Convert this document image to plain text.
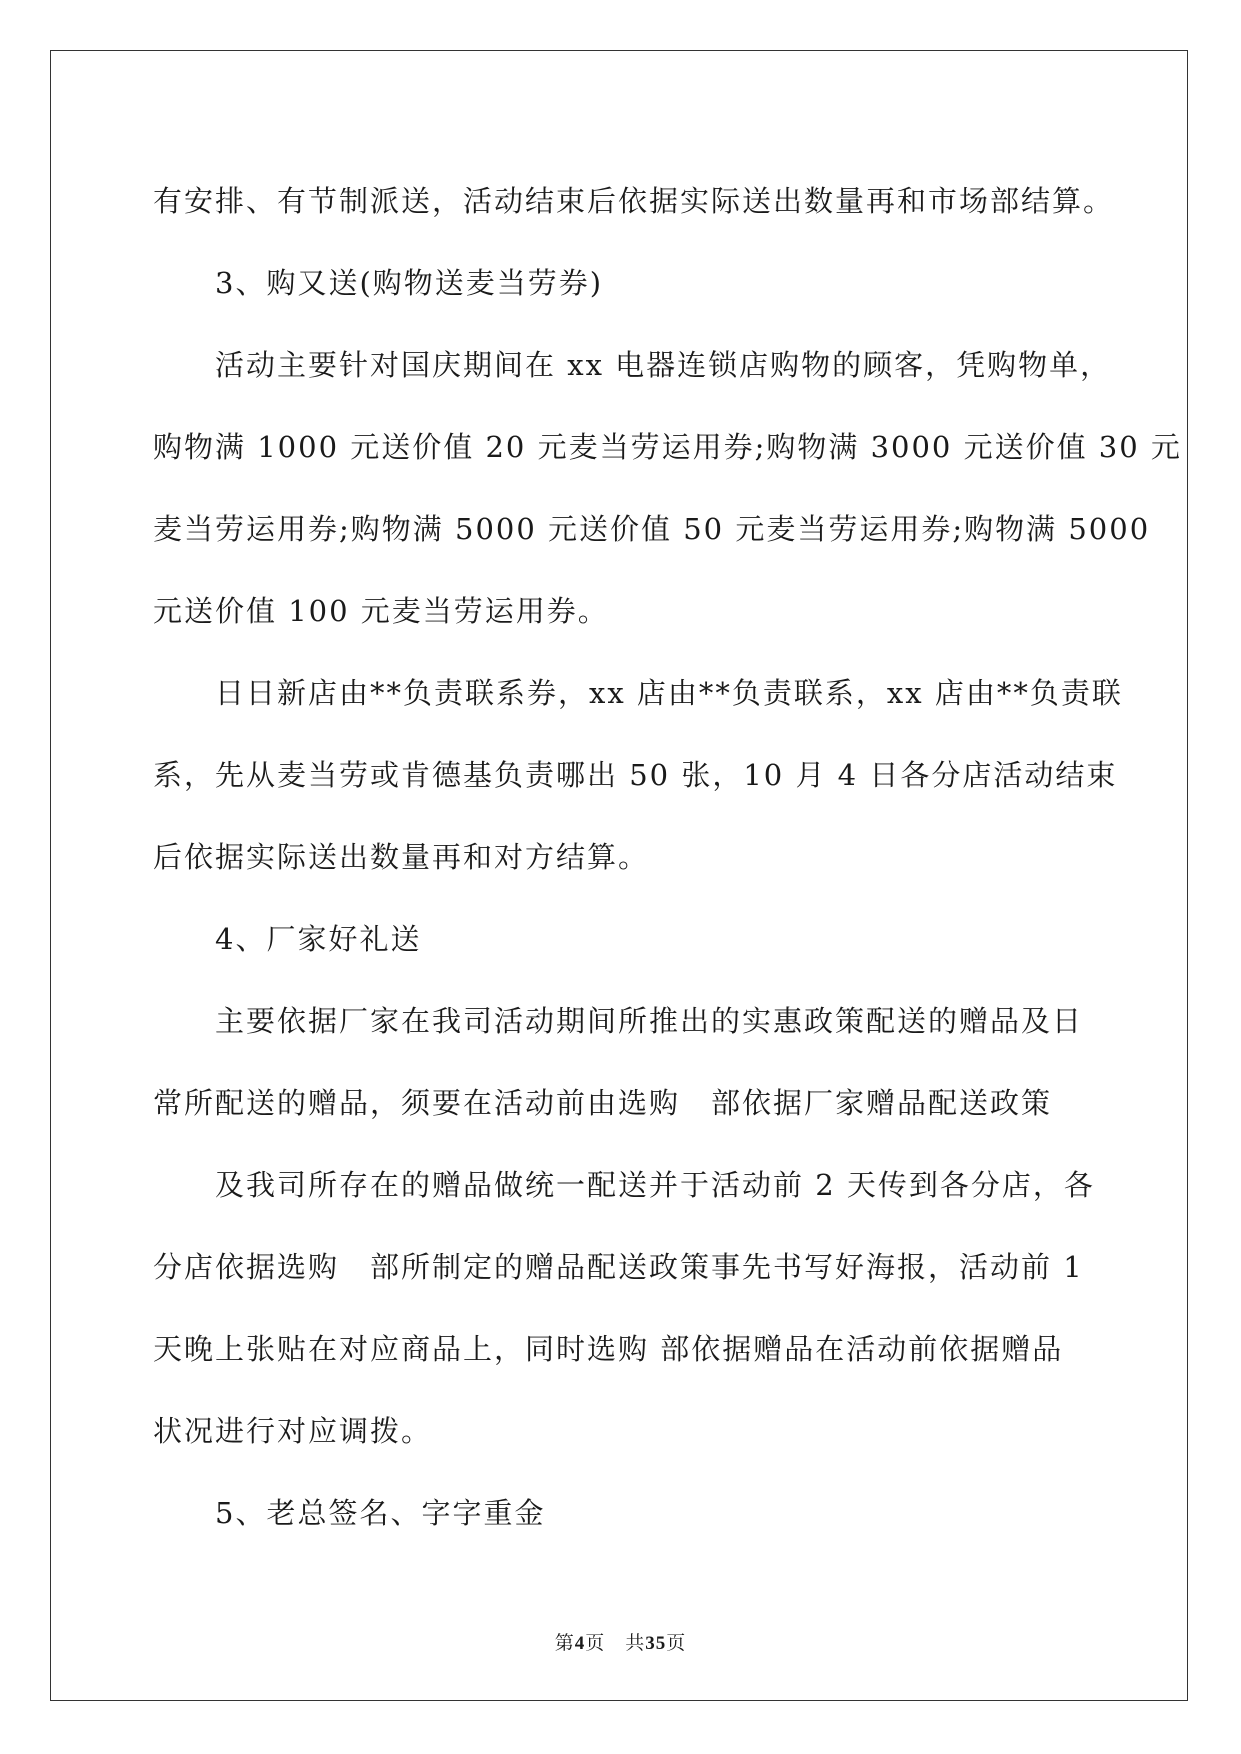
有安排、有节制派送，活动结束后依据实际送出数量再和市场部结算。
3、购又送(购物送麦当劳券)
活动主要针对国庆期间在 xx 电器连锁店购物的顾客，凭购物单，
购物满 1000 元送价值 20 元麦当劳运用券;购物满 3000 元送价值 30 元
麦当劳运用券;购物满 5000 元送价值 50 元麦当劳运用券;购物满 5000
元送价值 100 元麦当劳运用券。
日日新店由**负责联系券，xx 店由**负责联系，xx 店由**负责联
系，先从麦当劳或肯德基负责哪出 50 张，10 月 4 日各分店活动结束
后依据实际送出数量再和对方结算。
4、厂家好礼送
主要依据厂家在我司活动期间所推出的实惠政策配送的赠品及日
常所配送的赠品，须要在活动前由选购　部依据厂家赠品配送政策
及我司所存在的赠品做统一配送并于活动前 2 天传到各分店，各
分店依据选购　部所制定的赠品配送政策事先书写好海报，活动前 1
天晚上张贴在对应商品上，同时选购 部依据赠品在活动前依据赠品
状况进行对应调拨。
5、老总签名、字字重金
第4页　共35页
